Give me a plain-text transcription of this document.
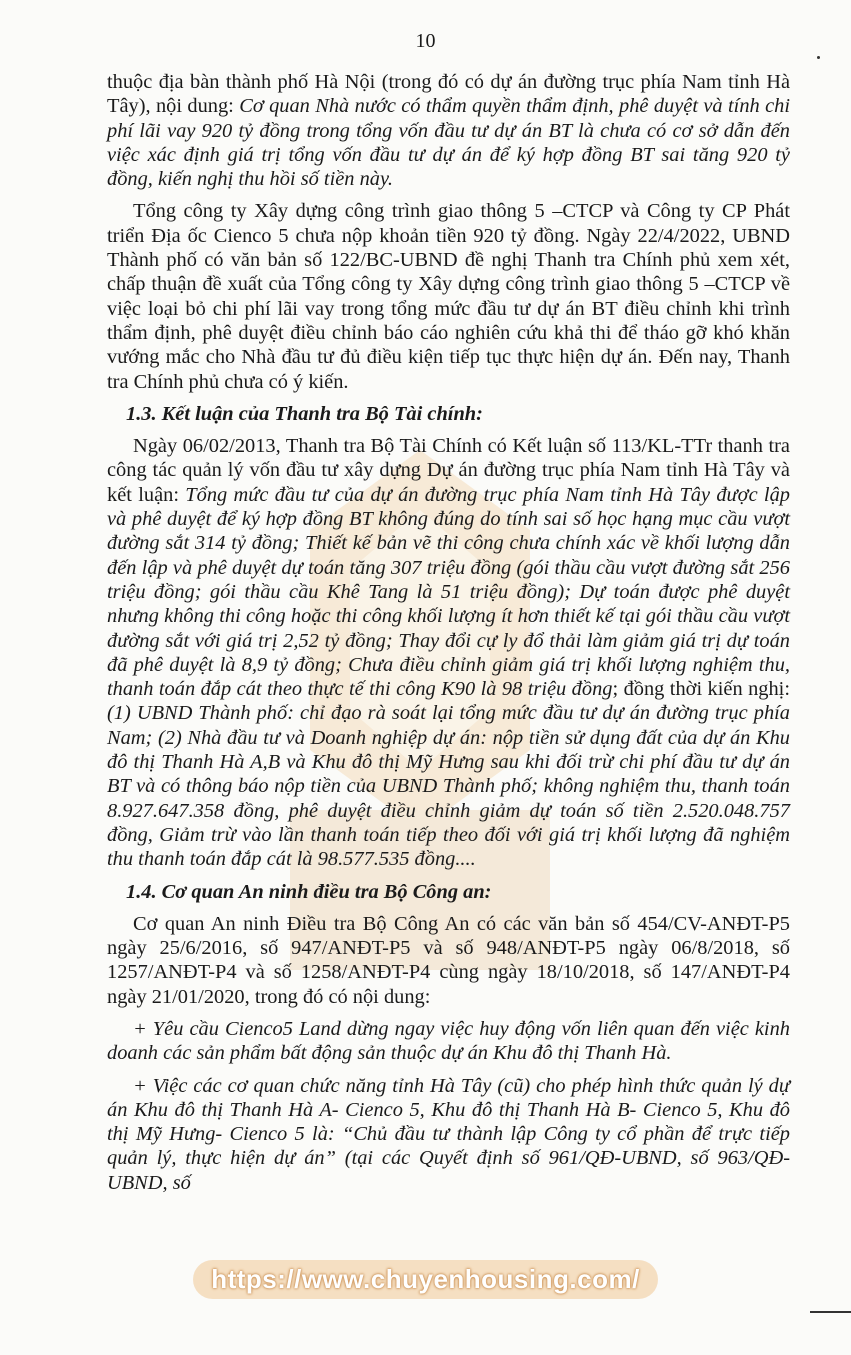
10

thuộc địa bàn thành phố Hà Nội (trong đó có dự án đường trục phía Nam tỉnh Hà Tây), nội dung: Cơ quan Nhà nước có thẩm quyền thẩm định, phê duyệt và tính chi phí lãi vay 920 tỷ đồng trong tổng vốn đầu tư dự án BT là chưa có cơ sở dẫn đến việc xác định giá trị tổng vốn đầu tư dự án để ký hợp đồng BT sai tăng 920 tỷ đồng, kiến nghị thu hồi số tiền này.

Tổng công ty Xây dựng công trình giao thông 5 –CTCP và Công ty CP Phát triển Địa ốc Cienco 5 chưa nộp khoản tiền 920 tỷ đồng. Ngày 22/4/2022, UBND Thành phố có văn bản số 122/BC-UBND đề nghị Thanh tra Chính phủ xem xét, chấp thuận đề xuất của Tổng công ty Xây dựng công trình giao thông 5 –CTCP về việc loại bỏ chi phí lãi vay trong tổng mức đầu tư dự án BT điều chỉnh khi trình thẩm định, phê duyệt điều chỉnh báo cáo nghiên cứu khả thi để tháo gỡ khó khăn vướng mắc cho Nhà đầu tư đủ điều kiện tiếp tục thực hiện dự án. Đến nay, Thanh tra Chính phủ chưa có ý kiến.

1.3. Kết luận của Thanh tra Bộ Tài chính:

Ngày 06/02/2013, Thanh tra Bộ Tài Chính có Kết luận số 113/KL-TTr thanh tra công tác quản lý vốn đầu tư xây dựng Dự án đường trục phía Nam tỉnh Hà Tây và kết luận: Tổng mức đầu tư của dự án đường trục phía Nam tỉnh Hà Tây được lập và phê duyệt để ký hợp đồng BT không đúng do tính sai số học hạng mục cầu vượt đường sắt 314 tỷ đồng; Thiết kế bản vẽ thi công chưa chính xác về khối lượng dẫn đến lập và phê duyệt dự toán tăng 307 triệu đồng (gói thầu cầu vượt đường sắt 256 triệu đồng; gói thầu cầu Khê Tang là 51 triệu đồng); Dự toán được phê duyệt nhưng không thi công hoặc thi công khối lượng ít hơn thiết kế tại gói thầu cầu vượt đường sắt với giá trị 2,52 tỷ đồng; Thay đổi cự ly đổ thải làm giảm giá trị dự toán đã phê duyệt là 8,9 tỷ đồng; Chưa điều chỉnh giảm giá trị khối lượng nghiệm thu, thanh toán đắp cát theo thực tế thi công K90 là 98 triệu đồng; đồng thời kiến nghị: (1) UBND Thành phố: chỉ đạo rà soát lại tổng mức đầu tư dự án đường trục phía Nam; (2) Nhà đầu tư và Doanh nghiệp dự án: nộp tiền sử dụng đất của dự án Khu đô thị Thanh Hà A,B và Khu đô thị Mỹ Hưng sau khi đối trừ chi phí đầu tư dự án BT và có thông báo nộp tiền của UBND Thành phố; không nghiệm thu, thanh toán 8.927.647.358 đồng, phê duyệt điều chỉnh giảm dự toán số tiền 2.520.048.757 đồng, Giảm trừ vào lần thanh toán tiếp theo đối với giá trị khối lượng đã nghiệm thu thanh toán đắp cát là 98.577.535 đồng....

1.4. Cơ quan An ninh điều tra Bộ Công an:

Cơ quan An ninh Điều tra Bộ Công An có các văn bản số 454/CV-ANĐT-P5 ngày 25/6/2016, số 947/ANĐT-P5 và số 948/ANĐT-P5 ngày 06/8/2018, số 1257/ANĐT-P4 và số 1258/ANĐT-P4 cùng ngày 18/10/2018, số 147/ANĐT-P4 ngày 21/01/2020, trong đó có nội dung:

+ Yêu cầu Cienco5 Land dừng ngay việc huy động vốn liên quan đến việc kinh doanh các sản phẩm bất động sản thuộc dự án Khu đô thị Thanh Hà.

+ Việc các cơ quan chức năng tỉnh Hà Tây (cũ) cho phép hình thức quản lý dự án Khu đô thị Thanh Hà A- Cienco 5, Khu đô thị Thanh Hà B- Cienco 5, Khu đô thị Mỹ Hưng- Cienco 5 là: “Chủ đầu tư thành lập Công ty cổ phần để trực tiếp quản lý, thực hiện dự án” (tại các Quyết định số 961/QĐ-UBND, số 963/QĐ-UBND, số

https://www.chuyenhousing.com/
